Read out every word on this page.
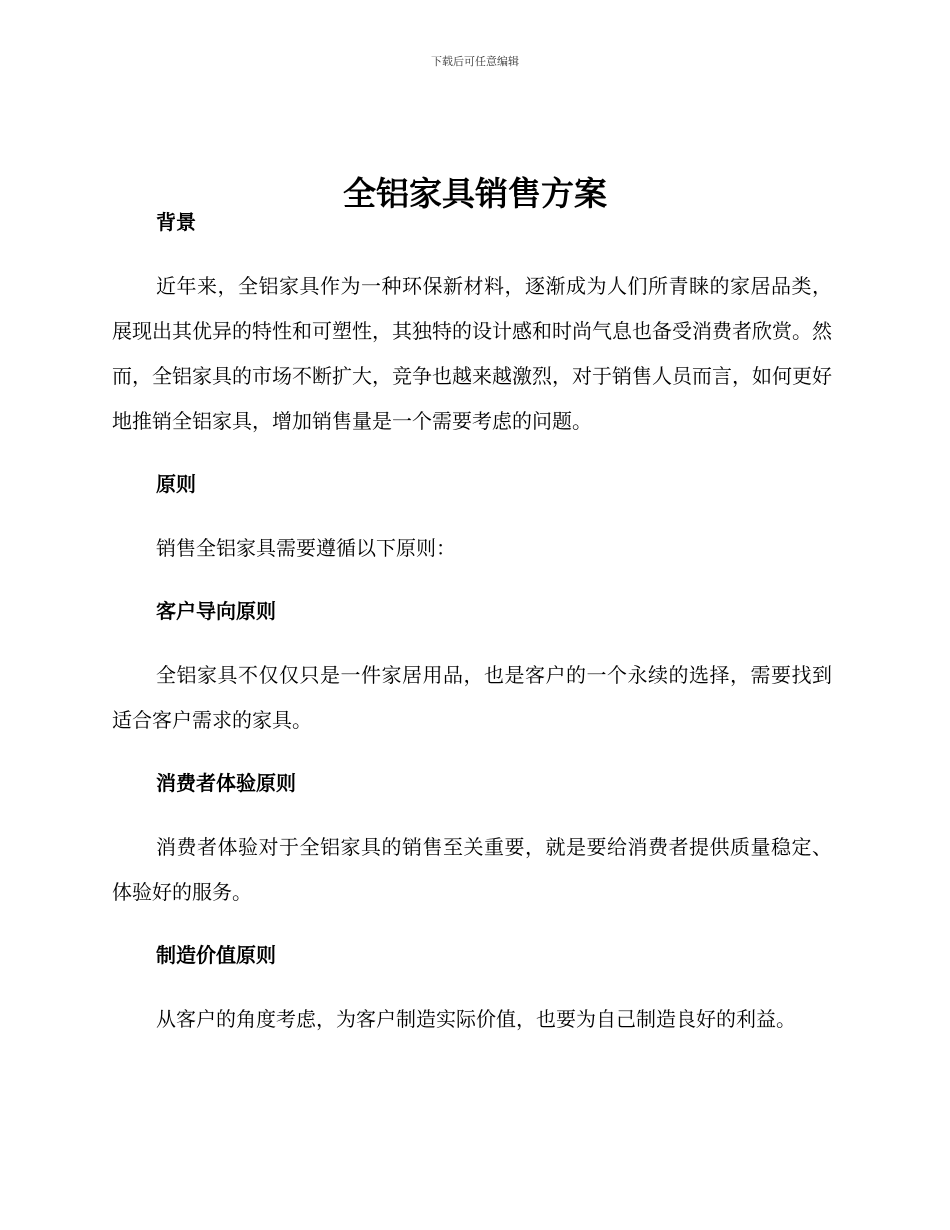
下载后可任意编辑
全铝家具销售方案
背景

近年来，全铝家具作为一种环保新材料，逐渐成为人们所青睐的家居品类，展现出其优异的特性和可塑性，其独特的设计感和时尚气息也备受消费者欣赏。然而，全铝家具的市场不断扩大，竞争也越来越激烈，对于销售人员而言，如何更好地推销全铝家具，增加销售量是一个需要考虑的问题。

原则

销售全铝家具需要遵循以下原则：

客户导向原则

全铝家具不仅仅只是一件家居用品，也是客户的一个永续的选择，需要找到适合客户需求的家具。

消费者体验原则

消费者体验对于全铝家具的销售至关重要，就是要给消费者提供质量稳定、体验好的服务。

制造价值原则

从客户的角度考虑，为客户制造实际价值，也要为自己制造良好的利益。
